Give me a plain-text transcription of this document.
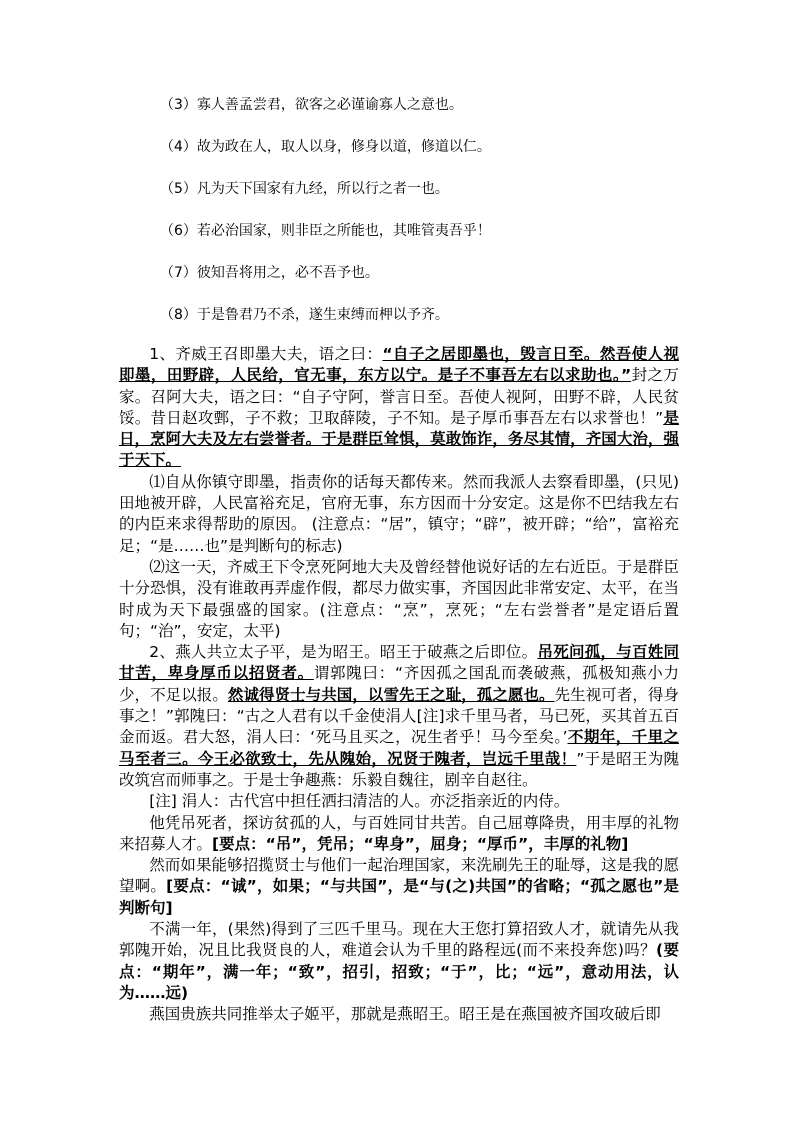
（3）寡人善孟尝君，欲客之必谨谕寡人之意也。
（4）故为政在人，取人以身，修身以道，修道以仁。
（5）凡为天下国家有九经，所以行之者一也。
（6）若必治国家，则非臣之所能也，其唯管夷吾乎！
（7）彼知吾将用之，必不吾予也。
（8）于是鲁君乃不杀，遂生束缚而柙以予齐。

1、齐威王召即墨大夫，语之曰：“自子之居即墨也，毁言日至。然吾使人视即墨，田野辟，人民给，官无事，东方以宁。是子不事吾左右以求助也。”封之万家。召阿大夫，语之曰：“自子守阿，誉言日至。吾使人视阿，田野不辟，人民贫馁。昔日赵攻鄄，子不救；卫取薛陵，子不知。是子厚币事吾左右以求誉也！”是日，烹阿大夫及左右尝誉者。于是群臣耸惧，莫敢饰诈，务尽其情，齐国大治，强于天下。

⑴自从你镇守即墨，指责你的话每天都传来。然而我派人去察看即墨，(只见)田地被开辟，人民富裕充足，官府无事，东方因而十分安定。这是你不巴结我左右的内臣来求得帮助的原因。 (注意点：“居”，镇守；“辟”，被开辟；“给”，富裕充足；“是……也”是判断句的标志)

⑵这一天，齐威王下令烹死阿地大夫及曾经替他说好话的左右近臣。于是群臣十分恐惧，没有谁敢再弄虚作假，都尽力做实事，齐国因此非常安定、太平，在当时成为天下最强盛的国家。(注意点：“烹”，烹死；“左右尝誉者”是定语后置句；“治”，安定，太平)

2、燕人共立太子平，是为昭王。昭王于破燕之后即位。吊死问孤，与百姓同甘苦，卑身厚币以招贤者。谓郭隗曰：“齐因孤之国乱而袭破燕，孤极知燕小力少，不足以报。然诚得贤士与共国，以雪先王之耻，孤之愿也。先生视可者，得身事之！”郭隗曰：“古之人君有以千金使涓人[注]求千里马者，马已死，买其首五百金而返。君大怒，涓人曰：‘死马且买之，况生者乎！马今至矣。’不期年，千里之马至者三。今王必欲致士，先从隗始，况贤于隗者，岂远千里哉！”于是昭王为隗改筑宫而师事之。于是士争趣燕：乐毅自魏往，剧辛自赵往。

[注] 涓人：古代宫中担任洒扫清洁的人。亦泛指亲近的内侍。

他凭吊死者，探访贫孤的人，与百姓同甘共苦。自己屈尊降贵，用丰厚的礼物来招募人才。[要点：“吊”，凭吊；“卑身”，屈身；“厚币”，丰厚的礼物]

然而如果能够招揽贤士与他们一起治理国家，来洗刷先王的耻辱，这是我的愿望啊。[要点：“诚”，如果；“与共国”，是“与(之)共国”的省略；“孤之愿也”是判断句]

不满一年，(果然)得到了三匹千里马。现在大王您打算招致人才，就请先从我郭隗开始，况且比我贤良的人，难道会认为千里的路程远(而不来投奔您)吗？(要点：“期年”，满一年；“致”，招引，招致；“于”，比；“远”，意动用法，认为……远)

燕国贵族共同推举太子姬平，那就是燕昭王。昭王是在燕国被齐国攻破后即
